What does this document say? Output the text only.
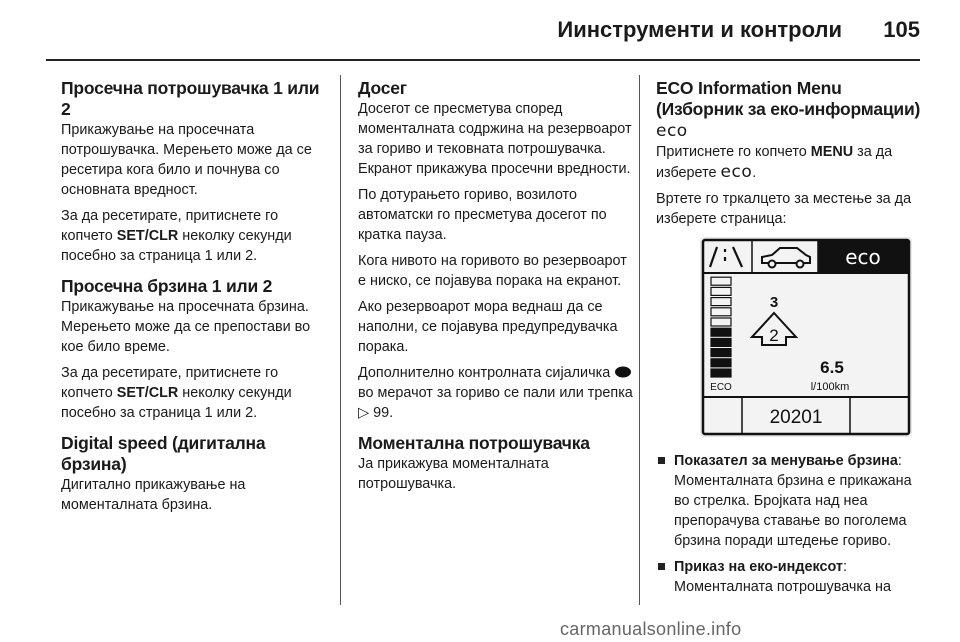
Иинструменти и контроли 105
Просечна потрошувачка 1 или 2

Прикажување на просечната потрошувачка. Мерењето може да се ресетира кога било и почнува со основната вредност.

За да ресетирате, притиснете го копчето SET/CLR неколку секунди посебно за страница 1 или 2.

Просечна брзина 1 или 2

Прикажување на просечната брзина. Мерењето може да се препостави во кое било време.

За да ресетирате, притиснете го копчето SET/CLR неколку секунди посебно за страница 1 или 2.

Digital speed (дигитална брзина)

Дигитално прикажување на моменталната брзина.

Досег

Досегот се пресметува според моменталната содржина на резервоарот за гориво и тековната потрошувачка. Екранот прикажува просечни вредности.

По дотурањето гориво, возилото автоматски го пресметува досегот по кратка пауза.

Кога нивото на горивото во резервоарот е ниско, се појавува порака на екранот.

Ако резервоарот мора веднаш да се наполни, се појавува предупредувачка порака.

Дополнително контролната сијаличка  во мерачот за гориво се пали или трепка ▷ 99.

Моментална потрошувачка

Ја прикажува моменталната потрошувачка.

ECO Information Menu (Изборник за еко-информации) eco

Притиснете го копчето MENU за да изберете eco.

Вртете го тркалцето за местење за да изберете страница:

eco
ECO
3
2
6.5
l/100km
20201

Показател за менување брзина: Моменталната брзина е прикажана во стрелка. Бројката над неа препорачува ставање во поголема брзина поради штедење гориво.

Приказ на еко-индексот: Моменталната потрошувачка на

carmanualsonline.info
